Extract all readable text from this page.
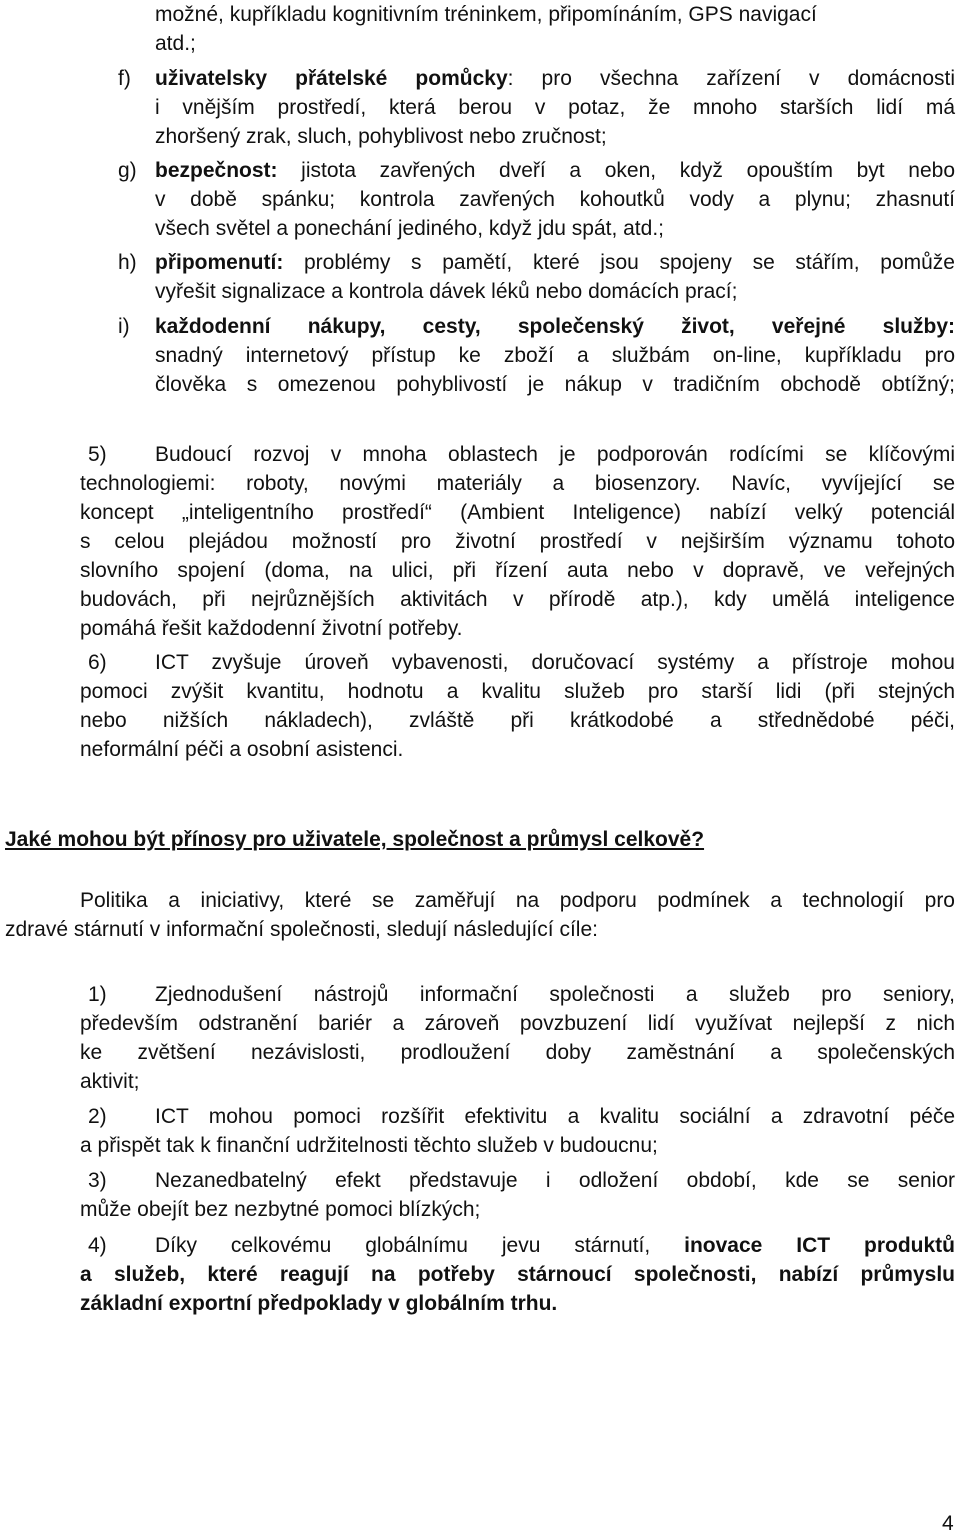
možné, kupříkladu kognitivním tréninkem, připomínáním, GPS navigací
atd.;
f) uživatelsky přátelské pomůcky: pro všechna zařízení v domácnosti
i vnějším prostředí, která berou v potaz, že mnoho starších lidí má
zhoršený zrak, sluch, pohyblivost nebo zručnost;
g) bezpečnost: jistota zavřených dveří a oken, když opouštím byt nebo
v době spánku; kontrola zavřených kohoutků vody a plynu; zhasnutí
všech světel a ponechání jediného, když jdu spát, atd.;
h) připomenutí: problémy s pamětí, které jsou spojeny se stářím, pomůže
vyřešit signalizace a kontrola dávek léků nebo domácích prací;
i) každodenní nákupy, cesty, společenský život, veřejné služby:
snadný internetový přístup ke zboží a službám on-line, kupříkladu pro
člověka s omezenou pohyblivostí je nákup v tradičním obchodě obtížný;
5) Budoucí rozvoj v mnoha oblastech je podporován rodícími se klíčovými
technologiemi: roboty, novými materiály a biosenzory. Navíc, vyvíjející se
koncept „inteligentního prostředí“ (Ambient Inteligence) nabízí velký potenciál
s celou plejádou možností pro životní prostředí v nejširším významu tohoto
slovního spojení (doma, na ulici, při řízení auta nebo v dopravě, ve veřejných
budovách, při nejrůznějších aktivitách v přírodě atp.), kdy umělá inteligence
pomáhá řešit každodenní životní potřeby.
6) ICT zvyšuje úroveň vybavenosti, doručovací systémy a přístroje mohou
pomoci zvýšit kvantitu, hodnotu a kvalitu služeb pro starší lidi (při stejných
nebo nižších nákladech), zvláště při krátkodobé a střednědobé péči,
neformální péči a osobní asistenci.
Jaké mohou být přínosy pro uživatele, společnost a průmysl celkově?
Politika a iniciativy, které se zaměřují na podporu podmínek a technologií pro
zdravé stárnutí v informační společnosti, sledují následující cíle:
1) Zjednodušení nástrojů informační společnosti a služeb pro seniory,
především odstranění bariér a zároveň povzbuzení lidí využívat nejlepší z nich
ke zvětšení nezávislosti, prodloužení doby zaměstnání a společenských
aktivit;
2) ICT mohou pomoci rozšířit efektivitu a kvalitu sociální a zdravotní péče
a přispět tak k finanční udržitelnosti těchto služeb v budoucnu;
3) Nezanedbatelný efekt představuje i odložení období, kde se senior
může obejít bez nezbytné pomoci blízkých;
4) Díky celkovému globálnímu jevu stárnutí, inovace ICT produktů
a služeb, které reagují na potřeby stárnoucí společnosti, nabízí průmyslu
základní exportní předpoklady v globálním trhu.
4
